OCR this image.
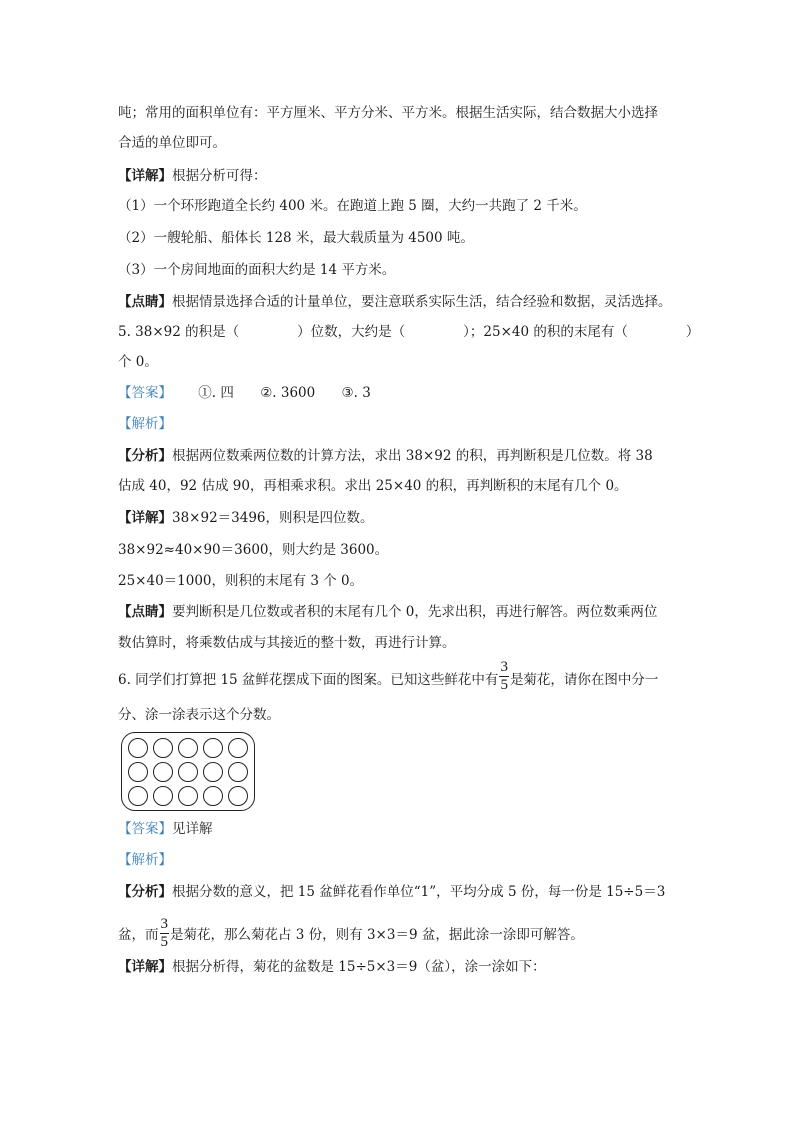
吨；常用的面积单位有：平方厘米、平方分米、平方米。根据生活实际，结合数据大小选择
合适的单位即可。
【详解】根据分析可得：
（1）一个环形跑道全长约 400 米。在跑道上跑 5 圈，大约一共跑了 2 千米。
（2）一艘轮船、船体长 128 米，最大载质量为 4500 吨。
（3）一个房间地面的面积大约是 14 平方米。
【点睛】根据情景选择合适的计量单位，要注意联系实际生活，结合经验和数据，灵活选择。
5. 38×92 的积是（	）位数，大约是（	）；25×40 的积的末尾有（	）
个 0。
【答案】 ①. 四 ②. 3600 ③. 3
【解析】
【分析】根据两位数乘两位数的计算方法，求出 38×92 的积，再判断积是几位数。将 38
估成 40，92 估成 90，再相乘求积。求出 25×40 的积，再判断积的末尾有几个 0。
【详解】38×92＝3496，则积是四位数。
38×92≈40×90＝3600，则大约是 3600。
25×40＝1000，则积的末尾有 3 个 0。
【点睛】要判断积是几位数或者积的末尾有几个 0，先求出积，再进行解答。两位数乘两位
数估算时，将乘数估成与其接近的整十数，再进行计算。
6. 同学们打算把 15 盆鲜花摆成下面的图案。已知这些鲜花中有 $\frac{3}{5}$ 是菊花，请你在图中分一
分、涂一涂表示这个分数。
【答案】见详解
【解析】
【分析】根据分数的意义，把 15 盆鲜花看作单位“1”，平均分成 5 份，每一份是 15÷5＝3
盆，而 $\frac{3}{5}$ 是菊花，那么菊花占 3 份，则有 3×3＝9 盆，据此涂一涂即可解答。
【详解】根据分析得，菊花的盆数是 15÷5×3＝9（盆），涂一涂如下：
